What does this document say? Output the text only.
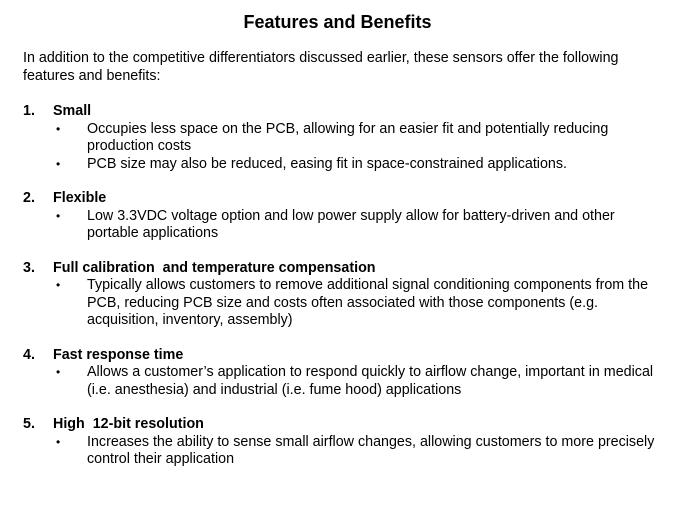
Features and Benefits

In addition to the competitive differentiators discussed earlier, these sensors offer the following features and benefits:

1. Small
• Occupies less space on the PCB, allowing for an easier fit and potentially reducing production costs
• PCB size may also be reduced, easing fit in space-constrained applications.
2. Flexible
• Low 3.3VDC voltage option and low power supply allow for battery-driven and other portable applications
3. Full calibration  and temperature compensation
• Typically allows customers to remove additional signal conditioning components from the PCB, reducing PCB size and costs often associated with those components (e.g. acquisition, inventory, assembly)
4. Fast response time
• Allows a customer’s application to respond quickly to airflow change, important in medical (i.e. anesthesia) and industrial (i.e. fume hood) applications
5. High  12-bit resolution
• Increases the ability to sense small airflow changes, allowing customers to more precisely control their application
